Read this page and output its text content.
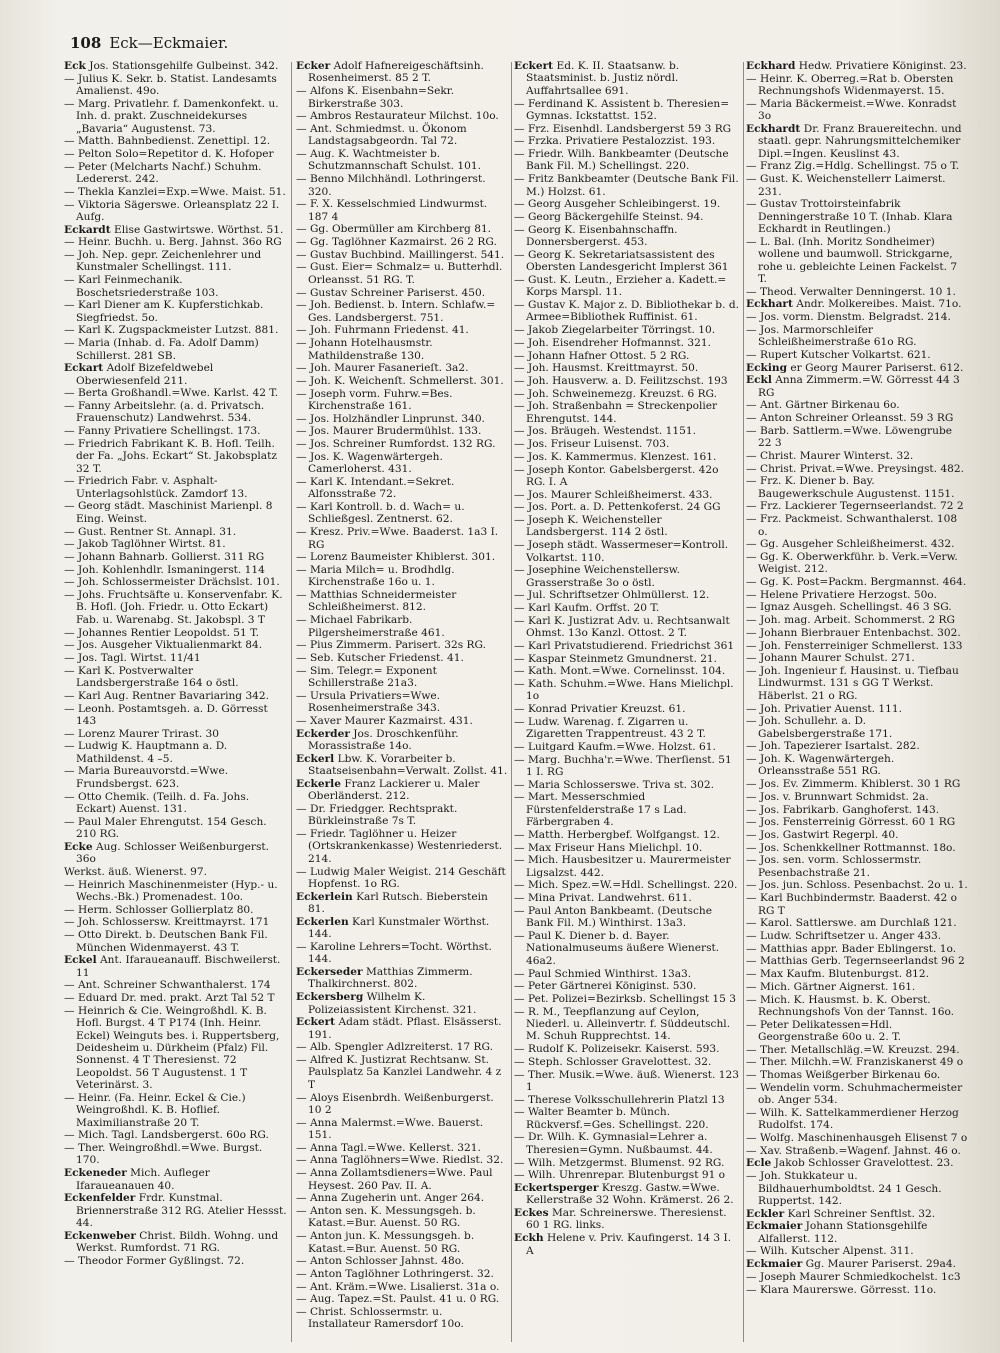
108 Eck—Eckmaier.
Eck Jos. Stationsgehilfe Gulbeinst. 342.
— Julius K. Sekr. b. Statist. Landesamts Amalienst. 49o.
— Marg. Privatlehr. f. Damenkonfekt. u. Inh. d. prakt. Zuschneidekurses „Bavaria“ Augustenst. 73.
— Matth. Bahnbedienst. Zenettipl. 12.
— Pelton Solo=Repetitor d. K. Hofoper
— Peter (Melcharts Nachf.) Schuhm. Ledererst. 242.
— Thekla Kanzlei=Exp.=Wwe. Maist. 51.
— Viktoria Sägerswe. Orleansplatz 22 I. Aufg.
Eckardt Elise Gastwirtswe. Wörthst. 51.
— Heinr. Buchh. u. Berg. Jahnst. 36o RG
— Joh. Nep. gepr. Zeichenlehrer und Kunstmaler Schellingst. 111.
— Karl Feinmechanik. Boschetsriederstraße 103.
— Karl Diener am K. Kupferstichkab. Siegfriedst. 5o.
— Karl K. Zugspackmeister Lutzst. 881.
— Maria (Inhab. d. Fa. Adolf Damm) Schillerst. 281 SB.
Eckart Adolf Bizefeldwebel Oberwiesenfeld 211.
— Berta Großhandl.=Wwe. Karlst. 42 T.
— Fanny Arbeitslehr. (a. d. Privatsch. Frauenschutz) Landwehrst. 534.
— Fanny Privatiere Schellingst. 173.
— Friedrich Fabrikant K. B. Hofl. Teilh. der Fa. „Johs. Eckart“ St. Jakobsplatz 32 T.
— Friedrich Fabr. v. Asphalt-Unterlagsohlstück. Zamdorf 13.
— Georg städt. Maschinist Marienpl. 8 Eing. Weinst.
— Gust. Rentner St. Annapl. 31.
— Jakob Taglöhner Wirtst. 81.
— Johann Bahnarb. Gollierst. 311 RG
— Joh. Kohlenhdlr. Ismaningerst. 114
— Joh. Schlossermeister Drächslst. 101.
— Johs. Fruchtsäfte u. Konservenfabr. K. B. Hofl. (Joh. Friedr. u. Otto Eckart) Fab. u. Warenabg. St. Jakobspl. 3 T
— Johannes Rentier Leopoldst. 51 T.
— Jos. Ausgeher Viktualienmarkt 84.
— Jos. Tagl. Wirtst. 11/41
— Karl K. Postverwalter Landsbergerstraße 164 o östl.
— Karl Aug. Rentner Bavariaring 342.
— Leonh. Postamtsgeh. a. D. Görresst 143
— Lorenz Maurer Trirast. 30
— Ludwig K. Hauptmann a. D. Mathildenst. 4 –5.
— Maria Bureauvorstd.=Wwe. Frundsbergst. 623.
— Otto Chemik. (Teilh. d. Fa. Johs. Eckart) Auenst. 131.
— Paul Maler Ehrengutst. 154 Gesch. 210 RG.
Ecke Aug. Schlosser Weißenburgerst. 36o
Werkst. äuß. Wienerst. 97.
— Heinrich Maschinenmeister (Hyp.- u. Wechs.-Bk.) Promenadest. 10o.
— Herm. Schlosser Gollierplatz 80.
— Joh. Schlossersw. Kreittmayrst. 171
— Otto Direkt. b. Deutschen Bank Fil. München Widenmayerst. 43 T.
Eckel Ant. Ifaraueanauff. Bischweilerst. 11
— Ant. Schreiner Schwanthalerst. 174
— Eduard Dr. med. prakt. Arzt Tal 52 T
— Heinrich & Cie. Weingroßhdl. K. B. Hofl. Burgst. 4 T P174 (Inh. Heinr. Eckel) Weinguts bes. i. Ruppertsberg, Deidesheim u. Dürkheim (Pfalz) Fil. Sonnenst. 4 T Theresienst. 72 Leopoldst. 56 T Augustenst. 1 T Veterinärst. 3.
— Heinr. (Fa. Heinr. Eckel & Cie.) Weingroßhdl. K. B. Hoflief. Maximilianstraße 20 T.
— Mich. Tagl. Landsbergerst. 60o RG.
— Ther. Weingroßhdl.=Wwe. Burgst. 170.
Eckeneder Mich. Aufleger Ifaraueanauen 40.
Eckenfelder Frdr. Kunstmal. Briennerstraße 312 RG. Atelier Hessst. 44.
Eckenweber Christ. Bildh. Wohng. und Werkst. Rumfordst. 71 RG.
— Theodor Former Gyßlingst. 72.
Ecker Adolf Hafnereigeschäftsinh. Rosenheimerst. 85 2 T.
— Alfons K. Eisenbahn=Sekr. Birkerstraße 303.
— Ambros Restaurateur Milchst. 10o.
— Ant. Schmiedmst. u. Ökonom Landstagsabgeordn. Tal 72.
— Aug. K. Wachtmeister b. Schutzmannschaft Schulst. 101.
— Benno Milchhändl. Lothringerst. 320.
— F. X. Kesselschmied Lindwurmst. 187 4
— Gg. Obermüller am Kirchberg 81.
— Gg. Taglöhner Kazmairst. 26 2 RG.
— Gustav Buchbind. Maillingerst. 541.
— Gust. Eier= Schmalz= u. Butterhdl. Orleansst. 51 RG. T.
— Gustav Schreiner Pariserst. 450.
— Joh. Bedienst. b. Intern. Schlafw.= Ges. Landsbergerst. 751.
— Joh. Fuhrmann Friedenst. 41.
— Johann Hotelhausmstr. Mathildenstraße 130.
— Joh. Maurer Fasanerieſt. 3a2.
— Joh. K. Weichenſt. Schmellerst. 301.
— Joseph vorm. Fuhrw.=Bes. Kirchenstraße 161.
— Jos. Holzhändler Linprunst. 340.
— Jos. Maurer Brudermühlst. 133.
— Jos. Schreiner Rumfordst. 132 RG.
— Jos. K. Wagenwärtergeh. Camerloherst. 431.
— Karl K. Intendant.=Sekret. Alfonsstraße 72.
— Karl Kontroll. b. d. Wach= u. Schließgesl. Zentnerst. 62.
— Kresz. Priv.=Wwe. Baaderst. 1a3 I. RG
— Lorenz Baumeister Khiblerst. 301.
— Maria Milch= u. Brodhdlg. Kirchenstraße 16o u. 1.
— Matthias Schneidermeister Schleißheimerst. 812.
— Michael Fabrikarb. Pilgersheimerstraße 461.
— Pius Zimmerm. Parisert. 32s RG.
— Seb. Kutscher Friedenst. 41.
— Sim. Telegr.= Exponent Schillerstraße 21a3.
— Ursula Privatiers=Wwe. Rosenheimerstraße 343.
— Xaver Maurer Kazmairst. 431.
Eckerder Jos. Droschkenführ. Morassistraße 14o.
Eckerl Lbw. K. Vorarbeiter b. Staatseisenbahn=Verwalt. Zollst. 41.
Eckerle Franz Lackierer u. Maler Oberländerst. 212.
— Dr. Friedgger. Rechtsprakt. Bürkleinstraße 7s T.
— Friedr. Taglöhner u. Heizer (Ortskrankenkasse) Westenriederst. 214.
— Ludwig Maler Weigist. 214 Geschäft Hopfenst. 1o RG.
Eckerlein Karl Rutsch. Bieberstein 81.
Eckerlen Karl Kunstmaler Wörthst. 144.
— Karoline Lehrers=Tocht. Wörthst. 144.
Eckerseder Matthias Zimmerm. Thalkirchnerst. 802.
Eckersberg Wilhelm K. Polizeiassistent Kirchenst. 321.
Eckert Adam städt. Pflast. Elsässerst. 191.
— Alb. Spengler Adlzreiterst. 17 RG.
— Alfred K. Justizrat Rechtsanw. St. Paulsplatz 5a Kanzlei Landwehr. 4 z T
— Aloys Eisenbrdh. Weißenburgerst. 10 2
— Anna Malermst.=Wwe. Bauerst. 151.
— Anna Tagl.=Wwe. Kellerst. 321.
— Anna Taglöhners=Wwe. Riedlst. 32.
— Anna Zollamtsdieners=Wwe. Paul Heysest. 260 Pav. II. A.
— Anna Zugeherin unt. Anger 264.
— Anton sen. K. Messungsgeh. b. Katast.=Bur. Auenst. 50 RG.
— Anton jun. K. Messungsgeh. b. Katast.=Bur. Auenst. 50 RG.
— Anton Schlosser Jahnst. 48o.
— Anton Taglöhner Lothringerst. 32.
— Ant. Kräm.=Wwe. Lisalierst. 31a o.
— Aug. Tapez.=St. Paulst. 41 u. 0 RG.
— Christ. Schlossermstr. u. Installateur Ramersdorf 10o.
Eckert Ed. K. II. Staatsanw. b. Staatsminist. b. Justiz nördl. Auffahrtsallee 691.
— Ferdinand K. Assistent b. Theresien= Gymnas. Ickstattst. 152.
— Frz. Eisenhdl. Landsbergerst 59 3 RG
— Frzka. Privatiere Pestalozzist. 193.
— Friedr. Wilh. Bankbeamter (Deutsche Bank Fil. M.) Schellingst. 220.
— Fritz Bankbeamter (Deutsche Bank Fil. M.) Holzst. 61.
— Georg Ausgeher Schleibingerst. 19.
— Georg Bäckergehilfe Steinst. 94.
— Georg K. Eisenbahnschaffn. Donnersbergerst. 453.
— Georg K. Sekretariatsassistent des Obersten Landesgericht Implerst 361
— Gust. K. Leutn., Erzieher a. Kadett.= Korps Marspl. 11.
— Gustav K. Major z. D. Bibliothekar b. d. Armee=Bibliothek Ruffinist. 61.
— Jakob Ziegelarbeiter Törringst. 10.
— Joh. Eisendreher Hofmannst. 321.
— Johann Hafner Ottost. 5 2 RG.
— Joh. Hausmst. Kreittmayrst. 50.
— Joh. Hausverw. a. D. Feilitzschst. 193
— Joh. Schweinemezg. Kreuzst. 6 RG.
— Joh. Straßenbahn = Streckenpolier Ehrengutst. 144.
— Jos. Bräugeh. Westendst. 1151.
— Jos. Friseur Luisenst. 703.
— Jos. K. Kammermus. Klenzest. 161.
— Joseph Kontor. Gabelsbergerst. 42o RG. I. A
— Jos. Maurer Schleißheimerst. 433.
— Jos. Port. a. D. Pettenkoferst. 24 GG
— Joseph K. Weichensteller Landsbergerst. 114 2 östl.
— Joseph städt. Wassermeser=Kontroll. Volkartst. 110.
— Josephine Weichenstellersw. Grasserstraße 3o o östl.
— Jul. Schriftsetzer Ohlmüllerst. 12.
— Karl Kaufm. Orffst. 20 T.
— Karl K. Justizrat Adv. u. Rechtsanwalt Ohmst. 13o Kanzl. Ottost. 2 T.
— Karl Privatstudierend. Friedrichst 361
— Kaspar Steinmetz Gmundnerst. 21.
— Kath. Mont.=Wwe. Cornelinsst. 104.
— Kath. Schuhm.=Wwe. Hans Mielichpl. 1o
— Konrad Privatier Kreuzst. 61.
— Ludw. Warenag. f. Zigarren u. Zigaretten Trappentreust. 43 2 T.
— Luitgard Kaufm.=Wwe. Holzst. 61.
— Marg. Buchha'r.=Wwe. Therſienst. 51 1 I. RG
— Maria Schlosserswe. Triva st. 302.
— Mart. Messerschmied Fürstenfelderstraße 17 s Lad. Färbergraben 4.
— Matth. Herbergbef. Wolfgangst. 12.
— Max Friseur Hans Mielichpl. 10.
— Mich. Hausbesitzer u. Maurermeister Ligsalzst. 442.
— Mich. Spez.=W.=Hdl. Schellingst. 220.
— Mina Privat. Landwehrst. 611.
— Paul Anton Bankbeamt. (Deutsche Bank Fil. M.) Winthirst. 13a3.
— Paul K. Diener b. d. Bayer. Nationalmuseums äußere Wienerst. 46a2.
— Paul Schmied Winthirst. 13a3.
— Peter Gärtnerei Königinst. 530.
— Pet. Polizei=Bezirksb. Schellingst 15 3
— R. M., Teepflanzung auf Ceylon, Niederl. u. Alleinvertr. f. Süddeutschl. M. Schuh Rupprechtst. 14.
— Rudolf K. Polizeisekr. Kaiserst. 593.
— Steph. Schlosser Gravelottest. 32.
— Ther. Musik.=Wwe. äuß. Wienerst. 123 1
— Therese Volksschullehrerin Platzl 13
— Walter Beamter b. Münch. Rückversf.=Ges. Schellingst. 220.
— Dr. Wilh. K. Gymnasial=Lehrer a. Theresien=Gymn. Nußbaumst. 44.
— Wilh. Metzgermst. Blumenst. 92 RG.
— Wilh. Uhrenrepar. Blutenburgst 91 o
Eckertsperger Kreszg. Gastw.=Wwe. Kellerstraße 32 Wohn. Krämerst. 26 2.
Eckes Mar. Schreinerswe. Theresienst. 60 1 RG. links.
Eckh Helene v. Priv. Kaufingerst. 14 3 I. A
Eckhard Hedw. Privatiere Königinst. 23.
— Heinr. K. Oberreg.=Rat b. Obersten Rechnungshofs Widenmayerst. 15.
— Maria Bäckermeist.=Wwe. Konradst 3o
Eckhardt Dr. Franz Brauereitechn. und staatl. gepr. Nahrungsmittelchemiker Dipl.=Ingen. Keuslinst 43.
— Franz Zig.=Hdlg. Schellingst. 75 o T.
— Gust. K. Weichenstellerr Laimerst. 231.
— Gustav Trottoirsteinfabrik Denningerstraße 10 T. (Inhab. Klara Eckhardt in Reutlingen.)
— L. Bal. (Inh. Moritz Sondheimer) wollene und baumwoll. Strickgarne, rohe u. gebleichte Leinen Fackelst. 7 T.
— Theod. Verwalter Denningerst. 10 1.
Eckhart Andr. Molkereibes. Maist. 71o.
— Jos. vorm. Dienstm. Belgradst. 214.
— Jos. Marmorschleifer Schleißheimerstraße 61o RG.
— Rupert Kutscher Volkartst. 621.
Ecking er Georg Maurer Pariserst. 612.
Eckl Anna Zimmerm.=W. Görresst 44 3 RG
— Ant. Gärtner Birkenau 6o.
— Anton Schreiner Orleansst. 59 3 RG
— Barb. Sattlerm.=Wwe. Löwengrube 22 3
— Christ. Maurer Winterst. 32.
— Christ. Privat.=Wwe. Preysingst. 482.
— Frz. K. Diener b. Bay. Baugewerkschule Augustenst. 1151.
— Frz. Lackierer Tegernseerlandst. 72 2
— Frz. Packmeist. Schwanthalerst. 108 o.
— Gg. Ausgeher Schleißheimerst. 432.
— Gg. K. Oberwerkführ. b. Verk.=Verw. Weigist. 212.
— Gg. K. Post=Packm. Bergmannst. 464.
— Helene Privatiere Herzogst. 50o.
— Ignaz Ausgeh. Schellingst. 46 3 SG.
— Joh. mag. Arbeit. Schommerst. 2 RG
— Johann Bierbrauer Entenbachst. 302.
— Joh. Fensterreiniger Schmellerst. 133
— Johann Maurer Schulst. 271.
— Joh. Ingenieur f. Hausinst. u. Tiefbau Lindwurmst. 131 s GG T Werkst. Häberlst. 21 o RG.
— Joh. Privatier Auenst. 111.
— Joh. Schullehr. a. D. Gabelsbergerstraße 171.
— Joh. Tapezierer Isartalst. 282.
— Joh. K. Wagenwärtergeh. Orleansstraße 551 RG.
— Jos. Ev. Zimmerm. Khiblerst. 30 1 RG
— Jos. v. Brunnwart Schmidst. 2a.
— Jos. Fabrikarb. Ganghoferst. 143.
— Jos. Fensterreinig Görresst. 60 1 RG
— Jos. Gastwirt Regerpl. 40.
— Jos. Schenkkellner Rottmannst. 18o.
— Jos. sen. vorm. Schlossermstr. Pesenbachstraße 21.
— Jos. jun. Schloss. Pesenbachst. 2o u. 1.
— Karl Buchbindermstr. Baaderst. 42 o RG T
— Karol. Sattlerswe. am Durchlaß 121.
— Ludw. Schriftsetzer u. Anger 433.
— Matthias appr. Bader Eblingerst. 1o.
— Matthias Gerb. Tegernseerlandst 96 2
— Max Kaufm. Blutenburgst. 812.
— Mich. Gärtner Aignerst. 161.
— Mich. K. Hausmst. b. K. Oberst. Rechnungshofs Von der Tannst. 16o.
— Peter Delikatessen=Hdl. Georgenstraße 60o u. 2. T.
— Ther. Metallschläg.=W. Kreuzst. 294.
— Ther. Milchh.=W. Franziskanerst 49 o
— Thomas Weißgerber Birkenau 6o.
— Wendelin vorm. Schuhmachermeister ob. Anger 534.
— Wilh. K. Sattelkammerdiener Herzog Rudolfst. 174.
— Wolfg. Maschinenhausgeh Elisenst 7 o
— Xav. Straßenb.=Wagenf. Jahnst. 46 o.
Ecle Jakob Schlosser Gravelottest. 23.
— Joh. Stukkateur u. Bildhauerhumboldtst. 24 1 Gesch. Ruppertst. 142.
Eckler Karl Schreiner Senftlst. 32.
Eckmaier Johann Stationsgehilfe Alfallerst. 112.
— Wilh. Kutscher Alpenst. 311.
Eckmaier Gg. Maurer Pariserst. 29a4.
— Joseph Maurer Schmiedkochelst. 1c3
— Klara Maurerswe. Görresst. 11o.
